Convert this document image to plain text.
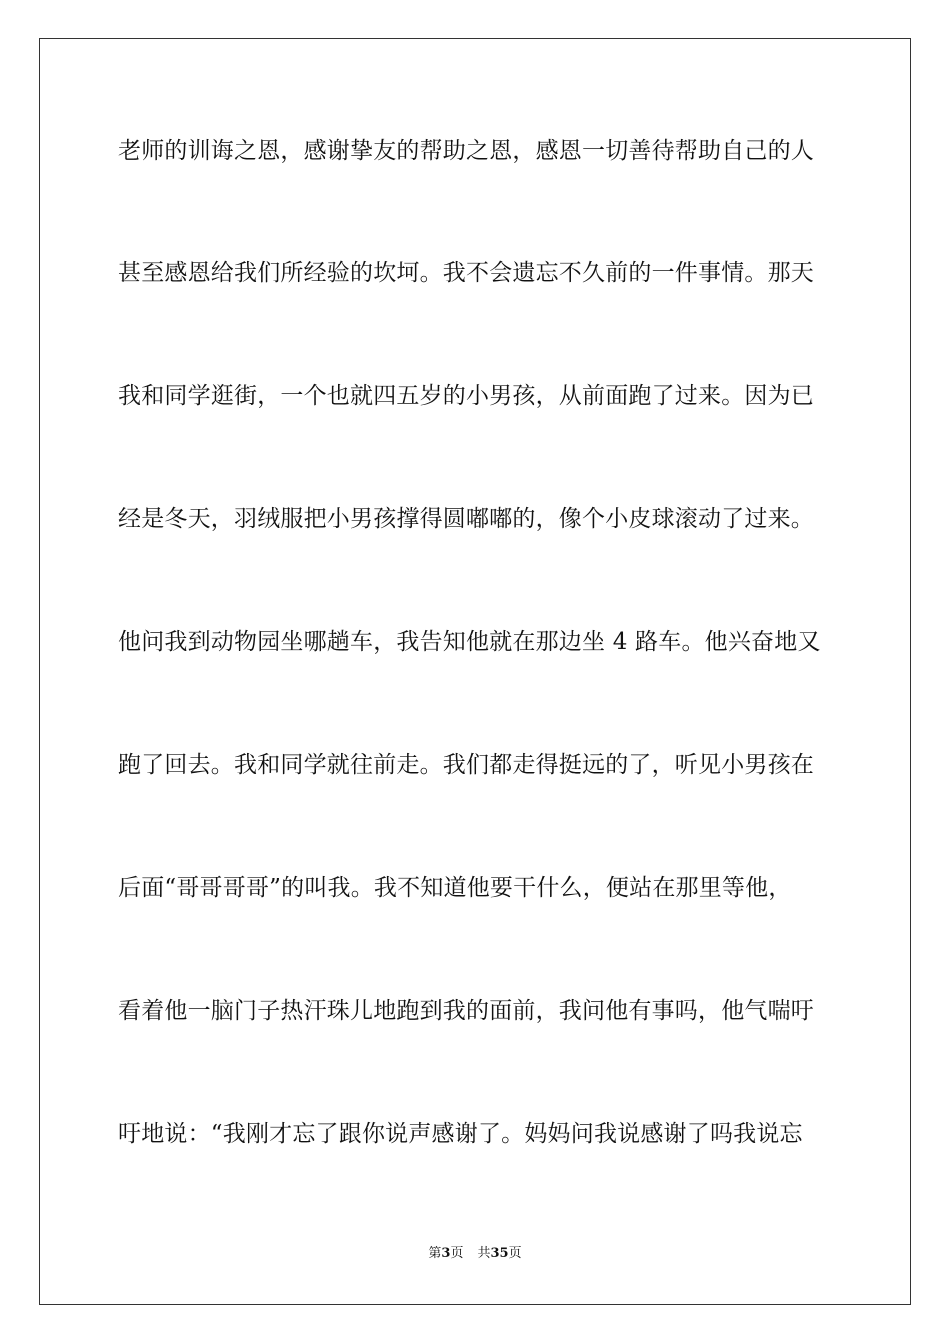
老师的训诲之恩，感谢挚友的帮助之恩，感恩一切善待帮助自己的人
甚至感恩给我们所经验的坎坷。我不会遗忘不久前的一件事情。那天
我和同学逛街，一个也就四五岁的小男孩，从前面跑了过来。因为已
经是冬天，羽绒服把小男孩撑得圆嘟嘟的，像个小皮球滚动了过来。
他问我到动物园坐哪趟车，我告知他就在那边坐 4 路车。他兴奋地又
跑了回去。我和同学就往前走。我们都走得挺远的了，听见小男孩在
后面“哥哥哥哥”的叫我。我不知道他要干什么，便站在那里等他，
看着他一脑门子热汗珠儿地跑到我的面前，我问他有事吗，他气喘吁
吁地说：“我刚才忘了跟你说声感谢了。妈妈问我说感谢了吗我说忘
第3页 共35页
